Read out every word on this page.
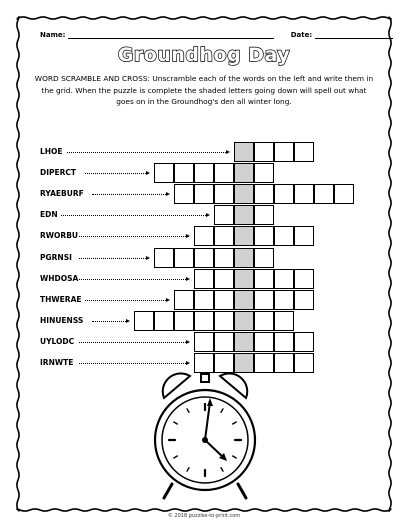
Name:	Date:
Groundhog Day
WORD SCRAMBLE AND CROSS: Unscramble each of the words on the left and write them in the grid. When the puzzle is complete the shaded letters going down will spell out what goes on in the Groundhog's den all winter long.
LHOE
DIPERCT
RYAEBURF
EDN
RWORBU
PGRNSI
WHDOSA
THWERAE
HINUENSS
UYLODC
IRNWTE
© 2018 puzzles-to-print.com
